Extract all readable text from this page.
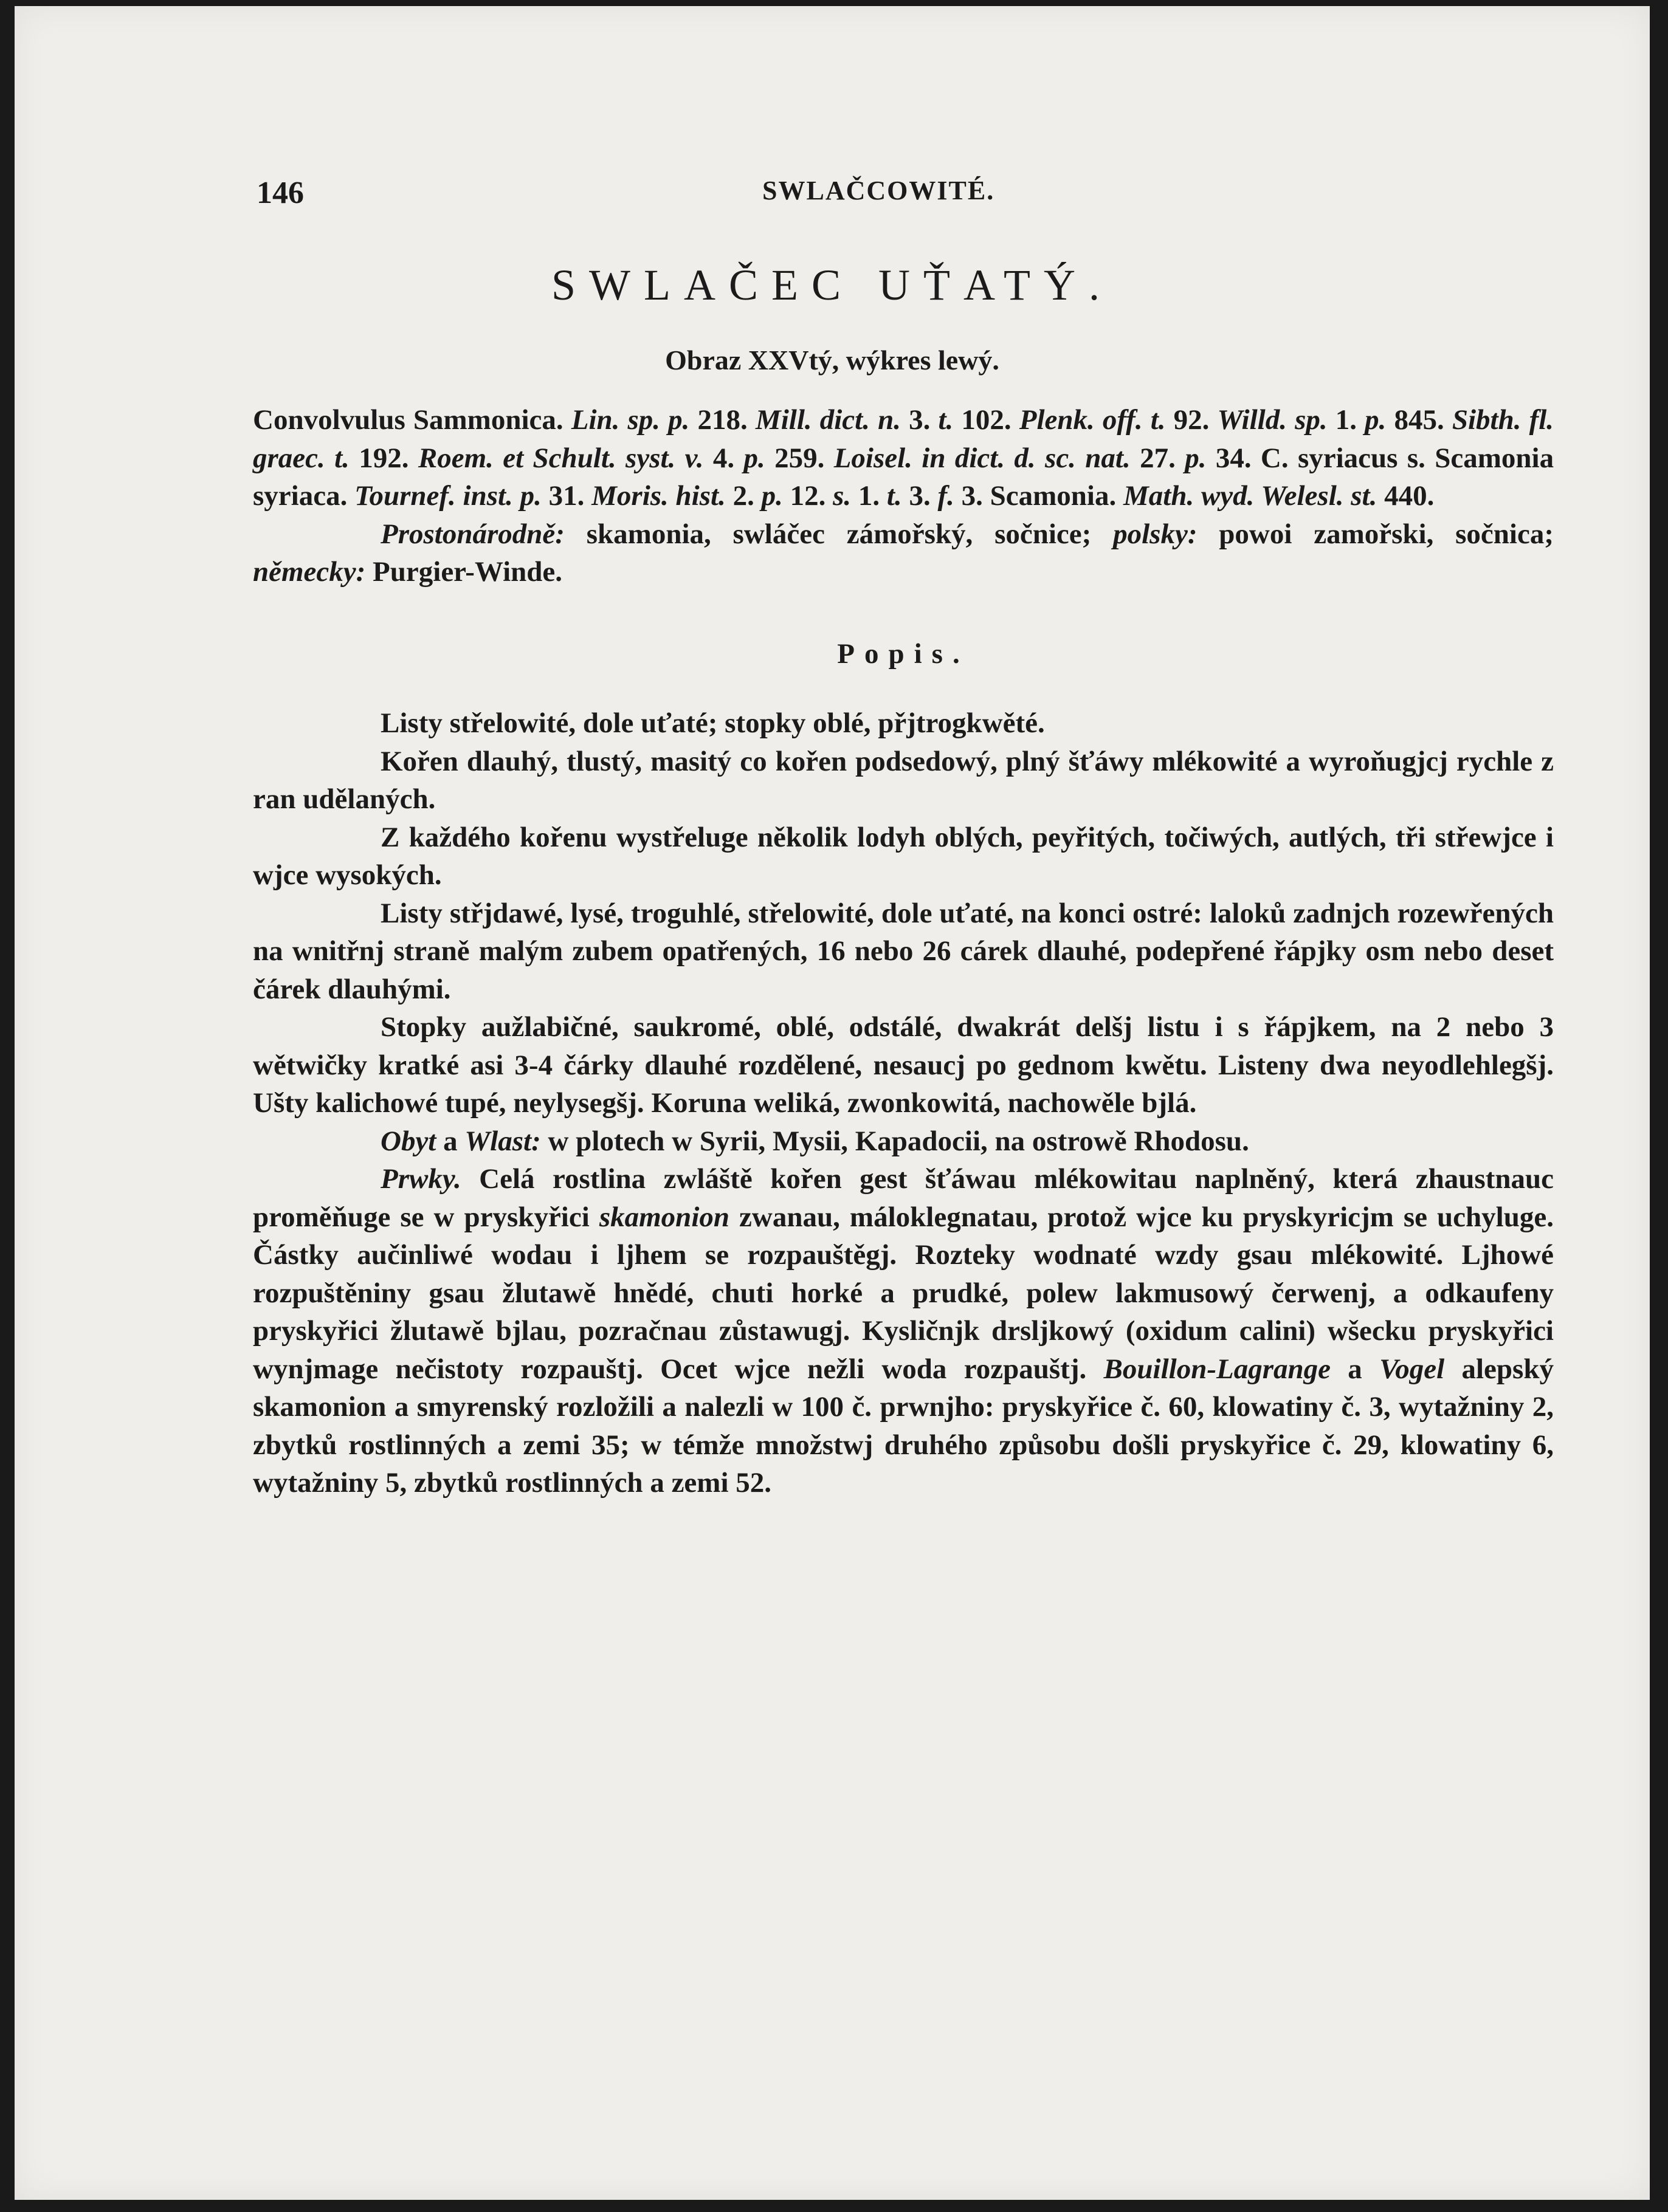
146	SWLAČCOWITÉ.
SWLAČEC UŤATÝ.
Obraz XXVtý, wýkres lewý.

Convolvulus Sammonica. Lin. sp. p. 218. Mill. dict. n. 3. t. 102. Plenk. off. t. 92. Willd. sp. 1. p. 845. Sibth. fl. graec. t. 192. Roem. et Schult. syst. v. 4. p. 259. Loisel. in dict. d. sc. nat. 27. p. 34. C. syriacus s. Scamonia syriaca. Tournef. inst. p. 31. Moris. hist. 2. p. 12. s. 1. t. 3. f. 3. Scamonia. Math. wyd. Welesl. st. 440.

Prostonárodně: skamonia, swláčec zámořský, sočnice; polsky: powoi zamořski, sočnica; německy: Purgier-Winde.

Popis.

Listy střelowité, dole uťaté; stopky oblé, přjtrogkwěté.

Kořen dlauhý, tlustý, masitý co kořen podsedowý, plný šťáwy mlékowité a wyroňugjcj rychle z ran udělaných.

Z každého kořenu wystřeluge několik lodyh oblých, peyřitých, točiwých, autlých, tři střewjce i wjce wysokých.

Listy střjdawé, lysé, troguhlé, střelowité, dole uťaté, na konci ostré: laloků zadnjch rozewřených na wnitřnj straně malým zubem opatřených, 16 nebo 26 cárek dlauhé, podepřené řápjky osm nebo deset čárek dlauhými.

Stopky aužlabičné, saukromé, oblé, odstálé, dwakrát delšj listu i s řápjkem, na 2 nebo 3 wětwičky kratké asi 3-4 čárky dlauhé rozdělené, nesaucj po gednom kwětu. Listeny dwa neyodlehlegšj. Ušty kalichowé tupé, neylysegšj. Koruna weliká, zwonkowitá, nachowěle bjlá.

Obyt a Wlast: w plotech w Syrii, Mysii, Kapadocii, na ostrowě Rhodosu.

Prwky. Celá rostlina zwláště kořen gest šťáwau mlékowitau naplněný, která zhaustnauc proměňuge se w pryskyřici skamonion zwanau, máloklegnatau, protož wjce ku pryskyricjm se uchyluge. Částky aučinliwé wodau i ljhem se rozpauštěgj. Rozteky wodnaté wzdy gsau mlékowité. Ljhowé rozpuštěniny gsau žlutawě hnědé, chuti horké a prudké, polew lakmusowý čerwenj, a odkaufeny pryskyřici žlutawě bjlau, pozračnau zůstawugj. Kysličnjk drsljkowý (oxidum calini) wšecku pryskyřici wynjmage nečistoty rozpauštj. Ocet wjce nežli woda rozpauštj. Bouillon-Lagrange a Vogel alepský skamonion a smyrenský rozložili a nalezli w 100 č. prwnjho: pryskyřice č. 60, klowatiny č. 3, wytažniny 2, zbytků rostlinných a zemi 35; w témže množstwj druhého způsobu došli pryskyřice č. 29, klowatiny 6, wytažniny 5, zbytků rostlinných a zemi 52.
